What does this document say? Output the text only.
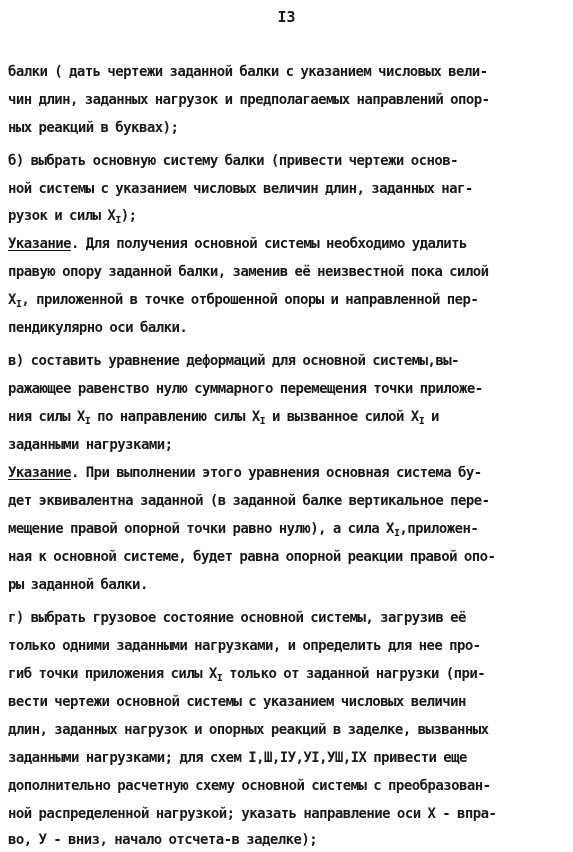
I3
балки ( дать чертежи заданной балки с указанием числовых вели-
чин длин, заданных нагрузок и предполагаемых направлений опор-
ных реакций в буквах);
б) выбрать основную систему балки (привести чертежи основ-
ной системы с указанием числовых величин длин, заданных наг-
рузок и силы $X_I$);
Указание. Для получения основной системы необходимо удалить
правую опору заданной балки, заменив её неизвестной пока силой
$X_I$, приложенной в точке отброшенной опоры и направленной пер-
пендикулярно оси балки.
в) составить уравнение деформаций для основной системы,вы-
ражающее равенство нулю суммарного перемещения точки приложе-
ния силы $X_I$ по направлению силы $X_I$ и вызванное силой $X_I$ и
заданными нагрузками;
Указание. При выполнении этого уравнения основная система бу-
дет эквивалентна заданной (в заданной балке вертикальное пере-
мещение правой опорной точки равно нулю), а сила $X_I,приложен-$
ная к основной системе, будет равна опорной реакции правой опо-
ры заданной балки.
г) выбрать грузовое состояние основной системы, загрузив её
только одними заданными нагрузками, и определить для нее про-
гиб точки приложения силы $X_I$ только от заданной нагрузки (при-
вести чертежи основной системы с указанием числовых величин
длин, заданных нагрузок и опорных реакций в заделке, вызванных
заданными нагрузками; для схем I,Ш,IУ,УI,УШ,IX привести еще
дополнительно расчетную схему основной системы с преобразован-
ной распределенной нагрузкой; указать направление оси X - впра-
во, У - вниз, начало отсчета-в заделке);
